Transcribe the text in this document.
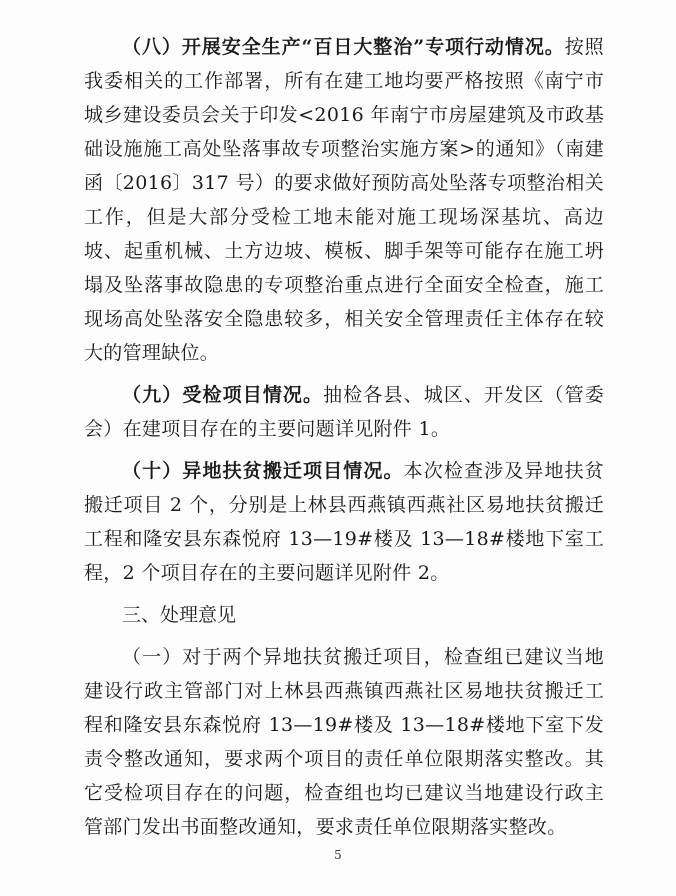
（八）开展安全生产“百日大整治”专项行动情况。按照我委相关的工作部署，所有在建工地均要严格按照《南宁市城乡建设委员会关于印发<2016 年南宁市房屋建筑及市政基础设施施工高处坠落事故专项整治实施方案>的通知》（南建函〔2016〕317 号）的要求做好预防高处坠落专项整治相关工作，但是大部分受检工地未能对施工现场深基坑、高边坡、起重机械、土方边坡、模板、脚手架等可能存在施工坍塌及坠落事故隐患的专项整治重点进行全面安全检查，施工现场高处坠落安全隐患较多，相关安全管理责任主体存在较大的管理缺位。

（九）受检项目情况。抽检各县、城区、开发区（管委会）在建项目存在的主要问题详见附件 1。

（十）异地扶贫搬迁项目情况。本次检查涉及异地扶贫搬迁项目 2 个，分别是上林县西燕镇西燕社区易地扶贫搬迁工程和隆安县东森悦府 13—19#楼及 13—18#楼地下室工程，2 个项目存在的主要问题详见附件 2。

三、处理意见

（一）对于两个异地扶贫搬迁项目，检查组已建议当地建设行政主管部门对上林县西燕镇西燕社区易地扶贫搬迁工程和隆安县东森悦府 13—19#楼及 13—18#楼地下室下发责令整改通知，要求两个项目的责任单位限期落实整改。其它受检项目存在的问题，检查组也均已建议当地建设行政主管部门发出书面整改通知，要求责任单位限期落实整改。

5
